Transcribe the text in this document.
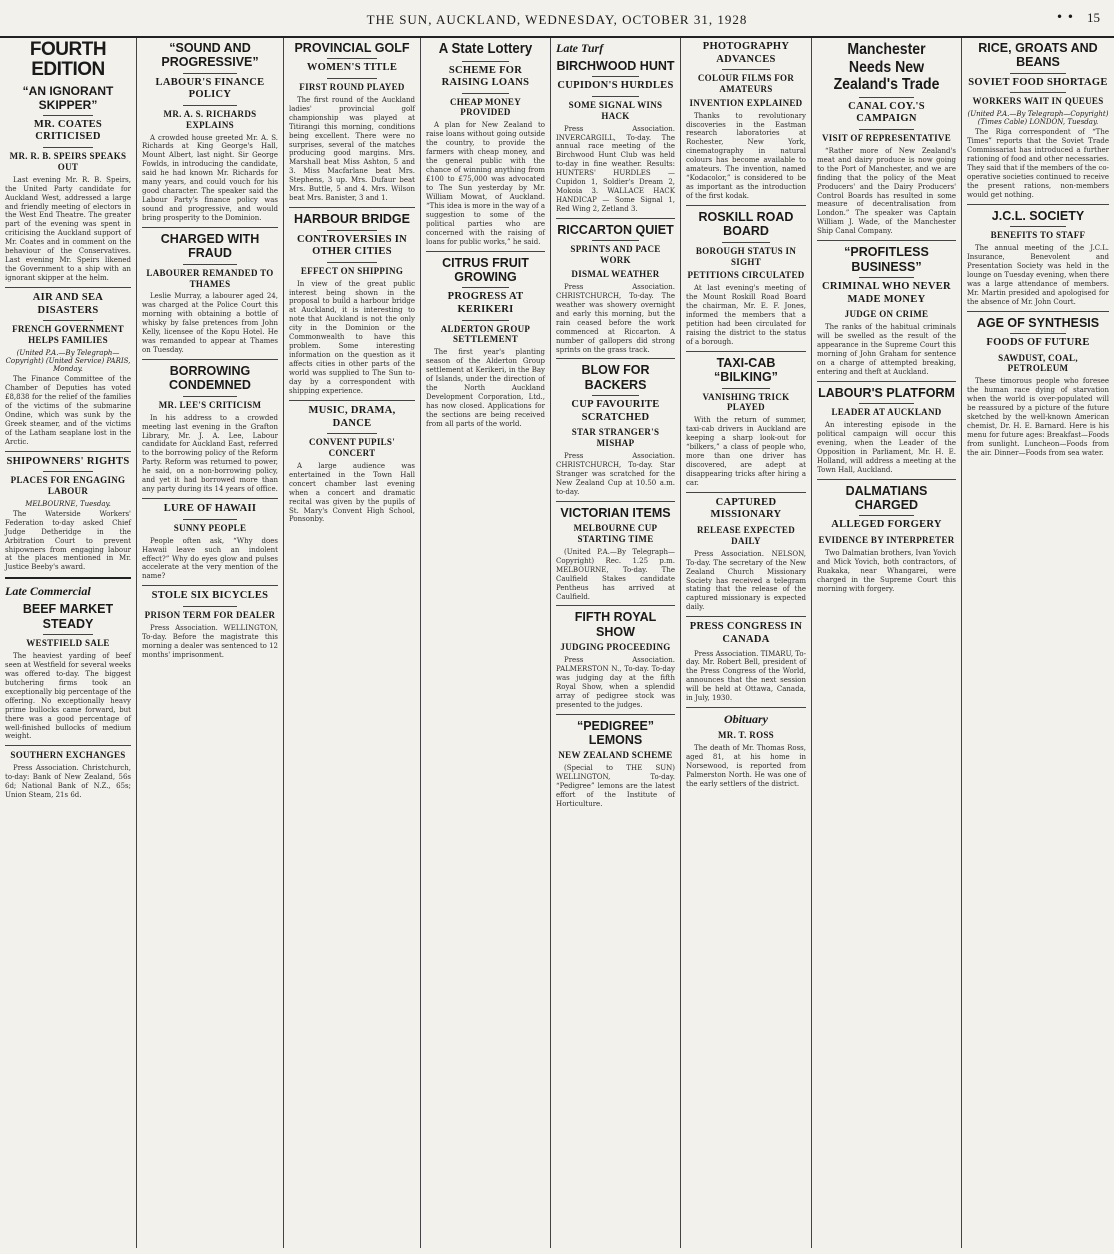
THE SUN, AUCKLAND, WEDNESDAY, OCTOBER 31, 1928	• • 15
FOURTH EDITION
“AN IGNORANT SKIPPER”
MR. COATES CRITICISED
MR. R. B. SPEIRS SPEAKS OUT

Last evening Mr. R. B. Speirs, the United Party candidate for Auckland West, addressed a large and friendly meeting of electors in the West End Theatre. The greater part of the evening was spent in criticising the Auckland support of Mr. Coates and in comment on the behaviour of the Conservatives. Last evening Mr. Speirs likened the Government to a ship with an ignorant skipper at the helm.

AIR AND SEA DISASTERS
FRENCH GOVERNMENT HELPS FAMILIES
(United P.A.—By Telegraph—Copyright) (United Service) PARIS, Monday.

The Finance Committee of the Chamber of Deputies has voted £8,838 for the relief of the families of the victims of the submarine Ondine, which was sunk by the Greek steamer, and of the victims of the Latham seaplane lost in the Arctic.

SHIPOWNERS' RIGHTS
PLACES FOR ENGAGING LABOUR
MELBOURNE, Tuesday.

The Waterside Workers' Federation to-day asked Chief Judge Detheridge in the Arbitration Court to prevent shipowners from engaging labour at the places mentioned in Mr. Justice Beeby's award.

Late Commercial
BEEF MARKET STEADY
WESTFIELD SALE

The heaviest yarding of beef seen at Westfield for several weeks was offered to-day. The biggest butchering firms took an exceptionally big percentage of the offering. No exceptionally heavy prime bullocks came forward, but there was a good percentage of well-finished bullocks of medium weight.

SOUTHERN EXCHANGES

Press Association. Christchurch, to-day: Bank of New Zealand, 56s 6d; National Bank of N.Z., 65s; Union Steam, 21s 6d.

“SOUND AND PROGRESSIVE”
LABOUR'S FINANCE POLICY
MR. A. S. RICHARDS EXPLAINS

A crowded house greeted Mr. A. S. Richards at King George's Hall, Mount Albert, last night. Sir George Fowlds, in introducing the candidate, said he had known Mr. Richards for many years, and could vouch for his good character. The speaker said the Labour Party's finance policy was sound and progressive, and would bring prosperity to the Dominion.

CHARGED WITH FRAUD
LABOURER REMANDED TO THAMES

Leslie Murray, a labourer aged 24, was charged at the Police Court this morning with obtaining a bottle of whisky by false pretences from John Kelly, licensee of the Kopu Hotel. He was remanded to appear at Thames on Tuesday.

BORROWING CONDEMNED
MR. LEE'S CRITICISM

In his address to a crowded meeting last evening in the Grafton Library, Mr. J. A. Lee, Labour candidate for Auckland East, referred to the borrowing policy of the Reform Party. Reform was returned to power, he said, on a non-borrowing policy, and yet it had borrowed more than any party during its 14 years of office.

LURE OF HAWAII
SUNNY PEOPLE

People often ask, “Why does Hawaii leave such an indolent effect?” Why do eyes glow and pulses accelerate at the very mention of the name?

STOLE SIX BICYCLES
PRISON TERM FOR DEALER

Press Association. WELLINGTON, To-day. Before the magistrate this morning a dealer was sentenced to 12 months' imprisonment.

PROVINCIAL GOLF
WOMEN'S TITLE
FIRST ROUND PLAYED

The first round of the Auckland ladies' provincial golf championship was played at Titirangi this morning, conditions being excellent. There were no surprises, several of the matches producing good margins. Mrs. Marshall beat Miss Ashton, 5 and 3. Miss Macfarlane beat Mrs. Stephens, 3 up. Mrs. Dufaur beat Mrs. Buttle, 5 and 4. Mrs. Wilson beat Mrs. Banister, 3 and 1.

HARBOUR BRIDGE
CONTROVERSIES IN OTHER CITIES
EFFECT ON SHIPPING

In view of the great public interest being shown in the proposal to build a harbour bridge at Auckland, it is interesting to note that Auckland is not the only city in the Dominion or the Commonwealth to have this problem. Some interesting information on the question as it affects cities in other parts of the world was supplied to The Sun to-day by a correspondent with shipping experience.

MUSIC, DRAMA, DANCE
CONVENT PUPILS' CONCERT

A large audience was entertained in the Town Hall concert chamber last evening when a concert and dramatic recital was given by the pupils of St. Mary's Convent High School, Ponsonby.

A State Lottery
SCHEME FOR RAISING LOANS
CHEAP MONEY PROVIDED

A plan for New Zealand to raise loans without going outside the country, to provide the farmers with cheap money, and the general public with the chance of winning anything from £100 to £75,000 was advocated to The Sun yesterday by Mr. William Mowat, of Auckland. “This idea is more in the way of a suggestion to some of the political parties who are concerned with the raising of loans for public works,” he said.

CITRUS FRUIT GROWING
PROGRESS AT KERIKERI
ALDERTON GROUP SETTLEMENT

The first year's planting season of the Alderton Group settlement at Kerikeri, in the Bay of Islands, under the direction of the North Auckland Development Corporation, Ltd., has now closed. Applications for the sections are being received from all parts of the world.

Late Turf
BIRCHWOOD HUNT
CUPIDON'S HURDLES
SOME SIGNAL WINS HACK

Press Association. INVERCARGILL, To-day. The annual race meeting of the Birchwood Hunt Club was held to-day in fine weather. Results: HUNTERS' HURDLES — Cupidon 1, Soldier's Dream 2, Mokoia 3. WALLACE HACK HANDICAP — Some Signal 1, Red Wing 2, Zetland 3.

RICCARTON QUIET
SPRINTS AND PACE WORK
DISMAL WEATHER

Press Association. CHRISTCHURCH, To-day. The weather was showery overnight and early this morning, but the rain ceased before the work commenced at Riccarton. A number of gallopers did strong sprints on the grass track.

BLOW FOR BACKERS
CUP FAVOURITE SCRATCHED
STAR STRANGER'S MISHAP

Press Association. CHRISTCHURCH, To-day. Star Stranger was scratched for the New Zealand Cup at 10.50 a.m. to-day.

VICTORIAN ITEMS
MELBOURNE CUP STARTING TIME

(United P.A.—By Telegraph—Copyright) Rec. 1.25 p.m. MELBOURNE, To-day. The Caulfield Stakes candidate Pentheus has arrived at Caulfield.

FIFTH ROYAL SHOW
JUDGING PROCEEDING

Press Association. PALMERSTON N., To-day. To-day was judging day at the fifth Royal Show, when a splendid array of pedigree stock was presented to the judges.

“PEDIGREE” LEMONS
NEW ZEALAND SCHEME

(Special to THE SUN) WELLINGTON, To-day. “Pedigree” lemons are the latest effort of the Institute of Horticulture.

PHOTOGRAPHY ADVANCES
COLOUR FILMS FOR AMATEURS
INVENTION EXPLAINED

Thanks to revolutionary discoveries in the Eastman research laboratories at Rochester, New York, cinematography in natural colours has become available to amateurs. The invention, named “Kodacolor,” is considered to be as important as the introduction of the first kodak.

ROSKILL ROAD BOARD
BOROUGH STATUS IN SIGHT
PETITIONS CIRCULATED

At last evening's meeting of the Mount Roskill Road Board the chairman, Mr. E. F. Jones, informed the members that a petition had been circulated for raising the district to the status of a borough.

TAXI-CAB “BILKING”
VANISHING TRICK PLAYED

With the return of summer, taxi-cab drivers in Auckland are keeping a sharp look-out for “bilkers,” a class of people who, more than one driver has discovered, are adept at disappearing tricks after hiring a car.

CAPTURED MISSIONARY
RELEASE EXPECTED DAILY

Press Association. NELSON, To-day. The secretary of the New Zealand Church Missionary Society has received a telegram stating that the release of the captured missionary is expected daily.

PRESS CONGRESS IN CANADA

Press Association. TIMARU, To-day. Mr. Robert Bell, president of the Press Congress of the World, announces that the next session will be held at Ottawa, Canada, in July, 1930.

Obituary
MR. T. ROSS

The death of Mr. Thomas Ross, aged 81, at his home in Norsewood, is reported from Palmerston North. He was one of the early settlers of the district.

Manchester Needs New Zealand's Trade
CANAL COY.'S CAMPAIGN
VISIT OF REPRESENTATIVE

“Rather more of New Zealand's meat and dairy produce is now going to the Port of Manchester, and we are finding that the policy of the Meat Producers' and the Dairy Producers' Control Boards has resulted in some measure of decentralisation from London.” The speaker was Captain William J. Wade, of the Manchester Ship Canal Company.

“PROFITLESS BUSINESS”
CRIMINAL WHO NEVER MADE MONEY
JUDGE ON CRIME

The ranks of the habitual criminals will be swelled as the result of the appearance in the Supreme Court this morning of John Graham for sentence on a charge of attempted breaking, entering and theft at Auckland.

LABOUR'S PLATFORM
LEADER AT AUCKLAND

An interesting episode in the political campaign will occur this evening, when the Leader of the Opposition in Parliament, Mr. H. E. Holland, will address a meeting at the Town Hall, Auckland.

DALMATIANS CHARGED
ALLEGED FORGERY
EVIDENCE BY INTERPRETER

Two Dalmatian brothers, Ivan Yovich and Mick Yovich, both contractors, of Ruakaka, near Whangarei, were charged in the Supreme Court this morning with forgery.

RICE, GROATS AND BEANS
SOVIET FOOD SHORTAGE
WORKERS WAIT IN QUEUES
(United P.A.—By Telegraph—Copyright) (Times Cable) LONDON, Tuesday.

The Riga correspondent of “The Times” reports that the Soviet Trade Commissariat has introduced a further rationing of food and other necessaries. They said that if the members of the co-operative societies continued to receive the present rations, non-members would get nothing.

J.C.L. SOCIETY
BENEFITS TO STAFF

The annual meeting of the J.C.L. Insurance, Benevolent and Presentation Society was held in the lounge on Tuesday evening, when there was a large attendance of members. Mr. Martin presided and apologised for the absence of Mr. John Court.

AGE OF SYNTHESIS
FOODS OF FUTURE
SAWDUST, COAL, PETROLEUM

These timorous people who foresee the human race dying of starvation when the world is over-populated will be reassured by a picture of the future sketched by the well-known American chemist, Dr. H. E. Barnard. Here is his menu for future ages: Breakfast—Foods from sunlight. Luncheon—Foods from the air. Dinner—Foods from sea water.
